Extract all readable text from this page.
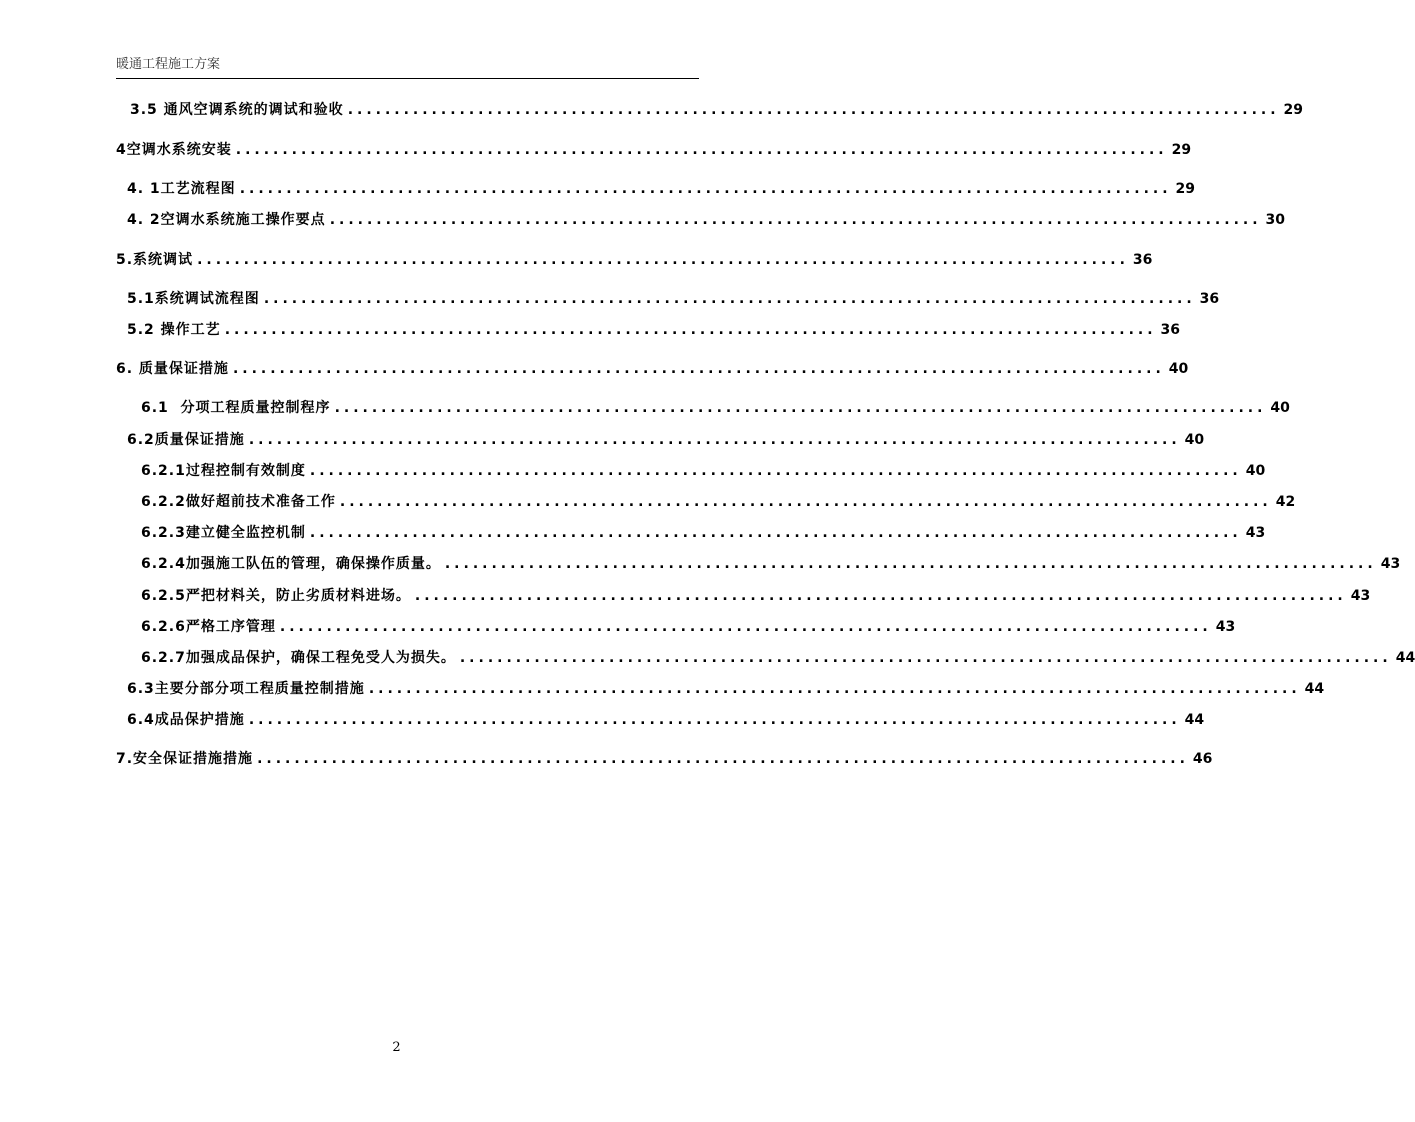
暖通工程施工方案
3.5 通风空调系统的调试和验收 .................................................................................................... 29
4空调水系统安装 .................................................................................................... 29
4. 1工艺流程图 .................................................................................................... 29
4. 2空调水系统施工操作要点 .................................................................................................... 30
5.系统调试 .................................................................................................... 36
5.1系统调试流程图 .................................................................................................... 36
5.2 操作工艺 .................................................................................................... 36
6. 质量保证措施 .................................................................................................... 40
6.1  分项工程质量控制程序 .................................................................................................... 40
6.2质量保证措施 .................................................................................................... 40
6.2.1过程控制有效制度 .................................................................................................... 40
6.2.2做好超前技术准备工作 .................................................................................................... 42
6.2.3建立健全监控机制 .................................................................................................... 43
6.2.4加强施工队伍的管理，确保操作质量。 .................................................................................................... 43
6.2.5严把材料关，防止劣质材料进场。 .................................................................................................... 43
6.2.6严格工序管理 .................................................................................................... 43
6.2.7加强成品保护，确保工程免受人为损失。 .................................................................................................... 44
6.3主要分部分项工程质量控制措施 .................................................................................................... 44
6.4成品保护措施 .................................................................................................... 44
7.安全保证措施措施 .................................................................................................... 46
2
